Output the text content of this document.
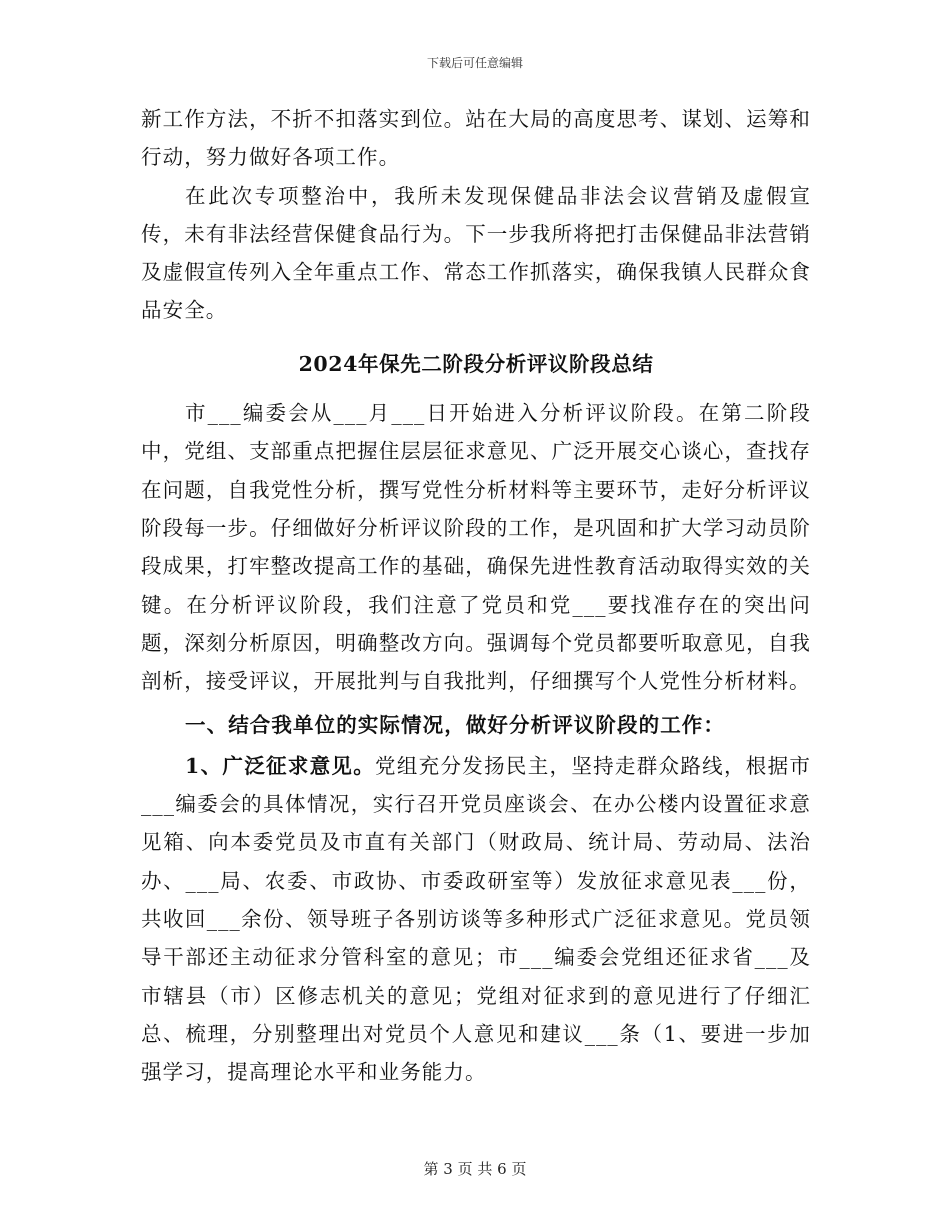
下载后可任意编辑

新工作方法，不折不扣落实到位。站在大局的高度思考、谋划、运筹和行动，努力做好各项工作。

在此次专项整治中，我所未发现保健品非法会议营销及虚假宣传，未有非法经营保健食品行为。下一步我所将把打击保健品非法营销及虚假宣传列入全年重点工作、常态工作抓落实，确保我镇人民群众食品安全。

2024年保先二阶段分析评议阶段总结

市___编委会从___月___日开始进入分析评议阶段。在第二阶段中，党组、支部重点把握住层层征求意见、广泛开展交心谈心，查找存在问题，自我党性分析，撰写党性分析材料等主要环节，走好分析评议阶段每一步。仔细做好分析评议阶段的工作，是巩固和扩大学习动员阶段成果，打牢整改提高工作的基础，确保先进性教育活动取得实效的关键。在分析评议阶段，我们注意了党员和党___要找准存在的突出问题，深刻分析原因，明确整改方向。强调每个党员都要听取意见，自我剖析，接受评议，开展批判与自我批判，仔细撰写个人党性分析材料。

一、结合我单位的实际情况，做好分析评议阶段的工作：

1、广泛征求意见。党组充分发扬民主，坚持走群众路线，根据市___编委会的具体情况，实行召开党员座谈会、在办公楼内设置征求意见箱、向本委党员及市直有关部门（财政局、统计局、劳动局、法治办、___局、农委、市政协、市委政研室等）发放征求意见表___份，共收回___余份、领导班子各别访谈等多种形式广泛征求意见。党员领导干部还主动征求分管科室的意见；市___编委会党组还征求省___及市辖县（市）区修志机关的意见；党组对征求到的意见进行了仔细汇总、梳理，分别整理出对党员个人意见和建议___条（1、要进一步加强学习，提高理论水平和业务能力。

第 3 页 共 6 页
